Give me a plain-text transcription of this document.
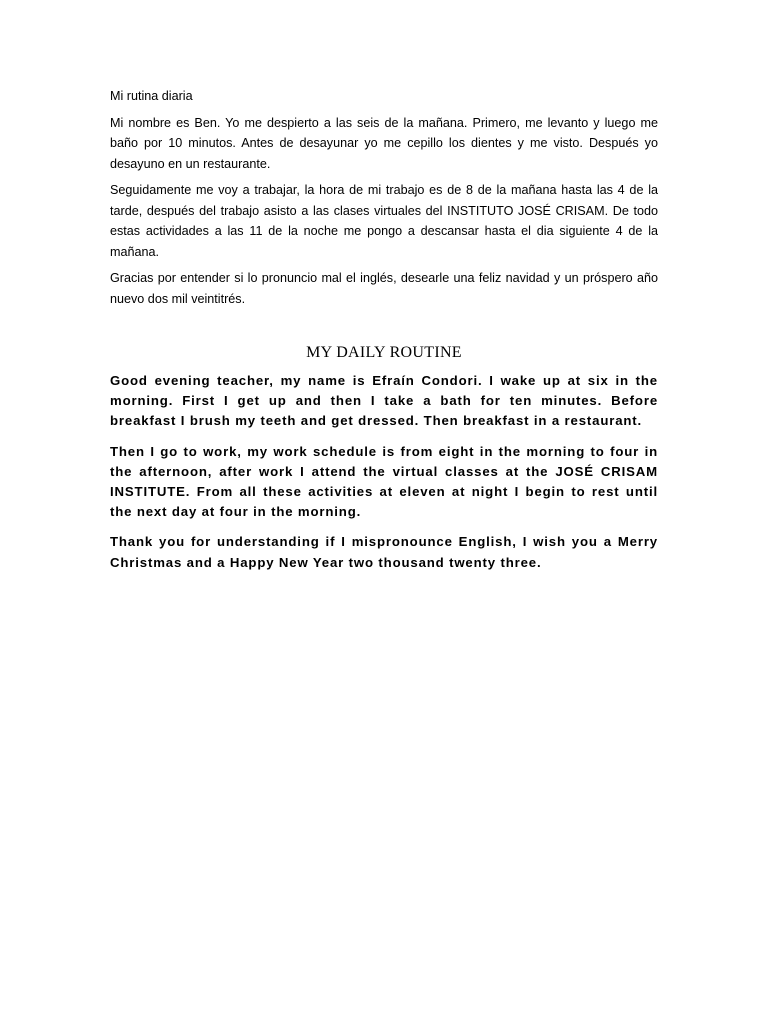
Mi rutina diaria

Mi nombre es Ben. Yo me despierto a las seis de la mañana. Primero, me levanto y luego me baño por 10 minutos. Antes de desayunar yo me cepillo los dientes y me visto. Después yo desayuno en un restaurante.

Seguidamente me voy a trabajar, la hora de mi trabajo es de 8 de la mañana hasta las 4 de la tarde, después del trabajo asisto a las clases virtuales del INSTITUTO JOSÉ CRISAM. De todo estas actividades a las 11 de la noche me pongo a descansar hasta el dia siguiente 4 de la mañana.

Gracias por entender si lo pronuncio mal el inglés, desearle una feliz navidad y un próspero año nuevo dos mil veintitrés.

MY DAILY ROUTINE

Good evening teacher, my name is Efraín Condori. I wake up at six in the morning. First I get up and then I take a bath for ten minutes. Before breakfast I brush my teeth and get dressed. Then breakfast in a restaurant.

Then I go to work, my work schedule is from eight in the morning to four in the afternoon, after work I attend the virtual classes at the JOSÉ CRISAM INSTITUTE. From all these activities at eleven at night I begin to rest until the next day at four in the morning.

Thank you for understanding if I mispronounce English, I wish you a Merry Christmas and a Happy New Year two thousand twenty three.
